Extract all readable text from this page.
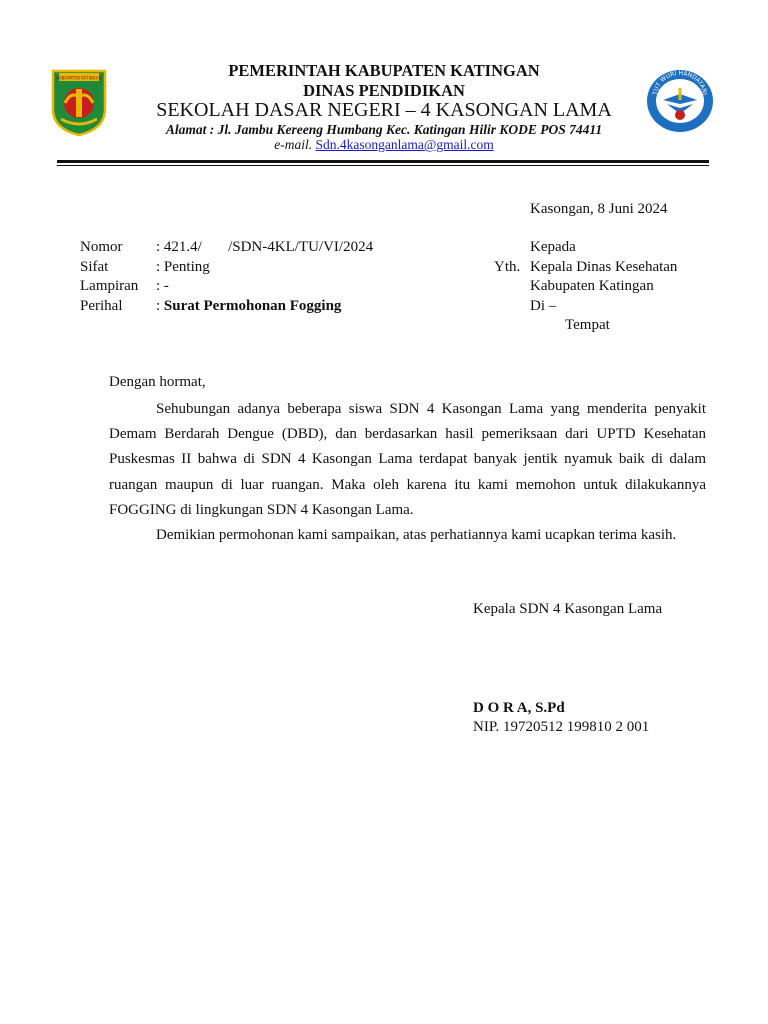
KABUPATEN KATINGAN
TUT WURI HANDAYANI
PEMERINTAH KABUPATEN KATINGAN
DINAS PENDIDIKAN
SEKOLAH DASAR NEGERI – 4 KASONGAN LAMA
Alamat : Jl. Jambu Kereeng Humbang Kec. Katingan Hilir KODE POS 74411
e-mail. Sdn.4kasonganlama@gmail.com
Kasongan, 8 Juni 2024
Nomor : 421.4/       /SDN-4KL/TU/VI/2024
Sifat	: Penting
Lampiran : -
Perihal : Surat Permohonan Fogging
Kepada
Yth. Kepala Dinas Kesehatan
Kabupaten Katingan
Di –
Tempat
Dengan hormat,

Sehubungan adanya beberapa siswa SDN 4 Kasongan Lama yang menderita penyakit Demam Berdarah Dengue (DBD), dan berdasarkan hasil pemeriksaan dari UPTD Kesehatan Puskesmas II bahwa di SDN 4 Kasongan Lama terdapat banyak jentik nyamuk baik di dalam ruangan maupun di luar ruangan. Maka oleh karena itu kami memohon untuk dilakukannya FOGGING di lingkungan SDN 4 Kasongan Lama.

Demikian permohonan kami sampaikan, atas perhatiannya kami ucapkan terima kasih.

Kepala SDN 4 Kasongan Lama
D O R A, S.Pd
NIP. 19720512 199810 2 001
